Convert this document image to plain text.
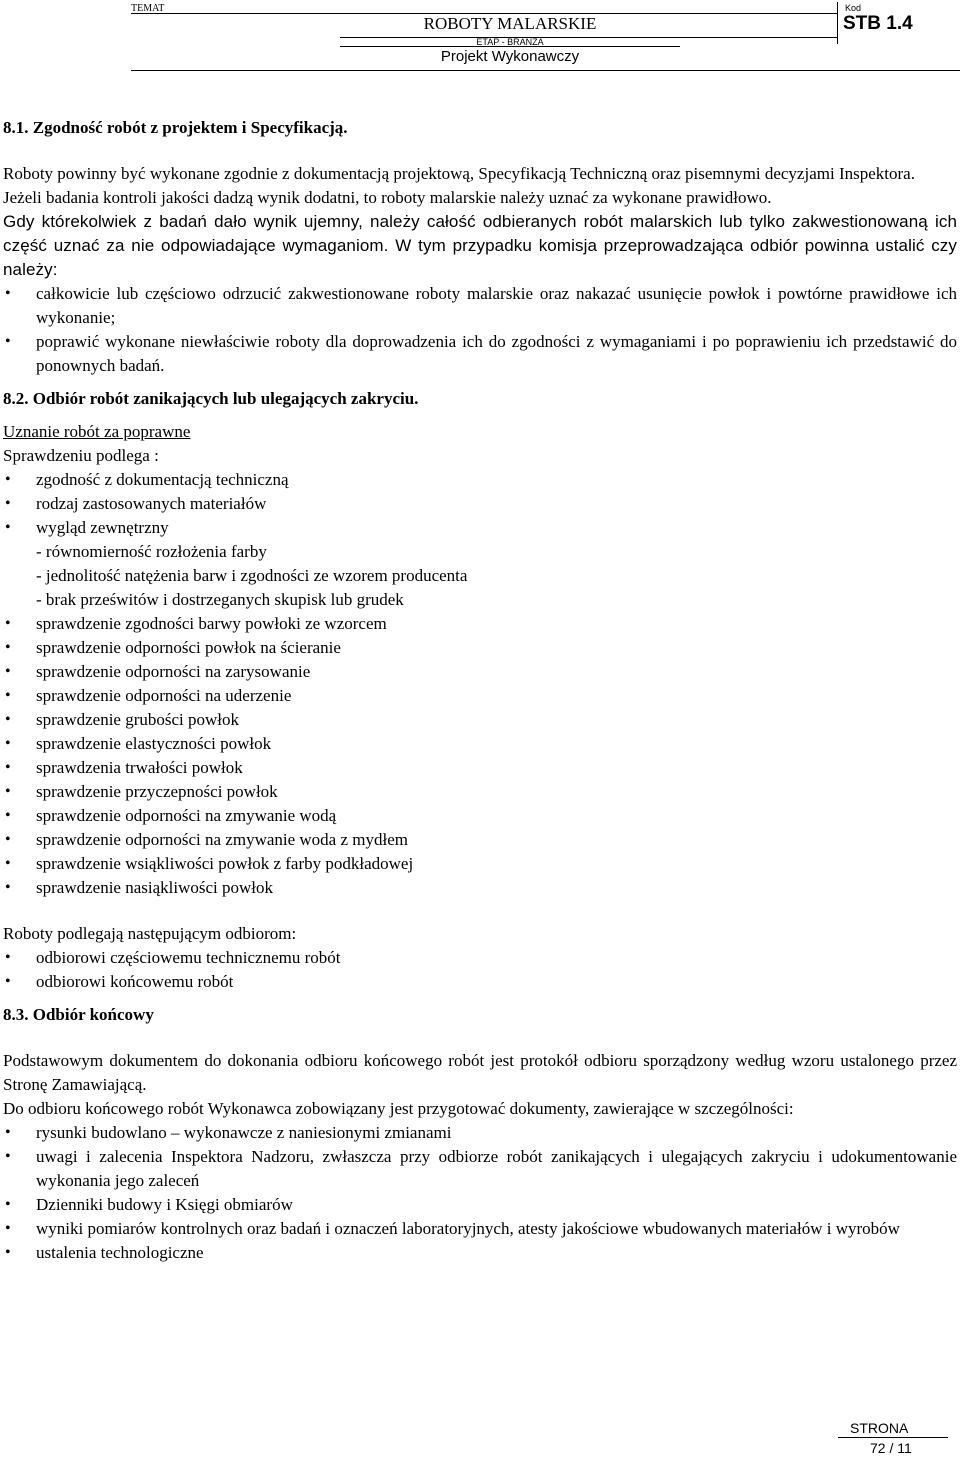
TEMAT	Kod
ROBOTY MALARSKIE	STB 1.4
ETAP - BRANŻA
Projekt Wykonawczy

8.1. Zgodność robót z projektem i Specyfikacją.

Roboty powinny być wykonane zgodnie z dokumentacją projektową, Specyfikacją Techniczną oraz pisemnymi decyzjami Inspektora.

Jeżeli badania kontroli jakości dadzą wynik dodatni, to roboty malarskie należy uznać za wykonane prawidłowo.

Gdy którekolwiek z badań dało wynik ujemny, należy całość odbieranych robót malarskich lub tylko zakwestionowaną ich część uznać za nie odpowiadające wymaganiom. W tym przypadku komisja przeprowadzająca odbiór powinna ustalić czy należy:

• całkowicie lub częściowo odrzucić zakwestionowane roboty malarskie oraz nakazać usunięcie powłok i powtórne prawidłowe ich wykonanie;
• poprawić wykonane niewłaściwie roboty dla doprowadzenia ich do zgodności z wymaganiami i po poprawieniu ich przedstawić do ponownych badań.

8.2. Odbiór robót zanikających lub ulegających zakryciu.

Uznanie robót za poprawne

Sprawdzeniu podlega :

• zgodność z dokumentacją techniczną
• rodzaj zastosowanych materiałów
• wygląd zewnętrzny
- równomierność rozłożenia farby
- jednolitość natężenia barw i zgodności ze wzorem producenta
- brak prześwitów i dostrzeganych skupisk lub grudek
• sprawdzenie zgodności barwy powłoki ze wzorcem
• sprawdzenie odporności powłok na ścieranie
• sprawdzenie odporności na zarysowanie
• sprawdzenie odporności na uderzenie
• sprawdzenie grubości powłok
• sprawdzenie elastyczności powłok
• sprawdzenia trwałości powłok
• sprawdzenie przyczepności powłok
• sprawdzenie odporności na zmywanie wodą
• sprawdzenie odporności na zmywanie woda z mydłem
• sprawdzenie wsiąkliwości powłok z farby podkładowej
• sprawdzenie nasiąkliwości powłok

Roboty podlegają następującym odbiorom:

• odbiorowi częściowemu technicznemu robót
• odbiorowi końcowemu robót

8.3. Odbiór końcowy

Podstawowym dokumentem do dokonania odbioru końcowego robót jest protokół odbioru sporządzony według wzoru ustalonego przez Stronę Zamawiającą.

Do odbioru końcowego robót Wykonawca zobowiązany jest przygotować dokumenty, zawierające w szczególności:

• rysunki budowlano – wykonawcze z naniesionymi zmianami
• uwagi i zalecenia Inspektora Nadzoru, zwłaszcza przy odbiorze robót zanikających i ulegających zakryciu i udokumentowanie wykonania jego zaleceń
• Dzienniki budowy i Księgi obmiarów
• wyniki pomiarów kontrolnych oraz badań i oznaczeń laboratoryjnych, atesty jakościowe wbudowanych materiałów i wyrobów
• ustalenia technologiczne
STRONA
72 / 11
